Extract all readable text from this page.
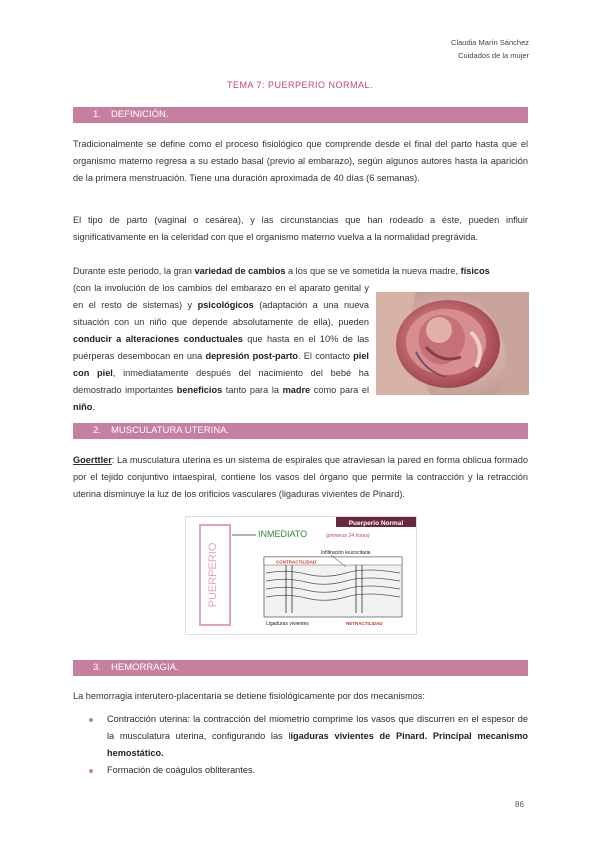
Claudia Marín Sánchez
Cuidados de la mujer
TEMA 7: PUERPERIO NORMAL.
1. DEFINICIÓN.

Tradicionalmente se define como el proceso fisiológico que comprende desde el final del parto hasta que el organismo materno regresa a su estado basal (previo al embarazo), según algunos autores hasta la aparición de la primera menstruación. Tiene una duración aproximada de 40 días (6 semanas).

El tipo de parto (vaginal o cesárea), y las circunstancias que han rodeado a éste, pueden influir significativamente en la celeridad con que el organismo materno vuelva a la normalidad pregrávida.

Durante este periodo, la gran variedad de cambios a los que se ve sometida la nueva madre, físicos

(con la involución de los cambios del embarazo en el aparato genital y en el resto de sistemas) y psicológicos (adaptación a una nueva situación con un niño que depende absolutamente de ella), pueden conducir a alteraciones conductuales que hasta en el 10% de las puérperas desembocan en una depresión post-parto. El contacto piel con piel, inmediatamente después del nacimiento del bebé ha demostrado importantes beneficios tanto para la madre como para el niño.

2. MUSCULATURA UTERINA.

Goerttler: La musculatura uterina es un sistema de espirales que atraviesan la pared en forma oblicua formado por el tejido conjuntivo intaespiral, contiene los vasos del órgano que permite la contracción y la retracción uterina disminuye la luz de los orificios vasculares (ligaduras vivientes de Pinard).

PUERPERIO
Puerperio Normal
INMEDIATO	(primeras 24 horas)
Infiltración leucocitaria
CONTRACTILIDAD
Ligaduras vivientes	RETRACTILIDAD
3. HEMORRAGIA.

La hemorragia interutero-placentaria se detiene fisiológicamente por dos mecanismos:

Contracción uterina: la contracción del miometrio comprime los vasos que discurren en el espesor de la musculatura uterina, configurando las ligaduras vivientes de Pinard. Principal mecanismo hemostático.
Formación de coágulos obliterantes.
86
